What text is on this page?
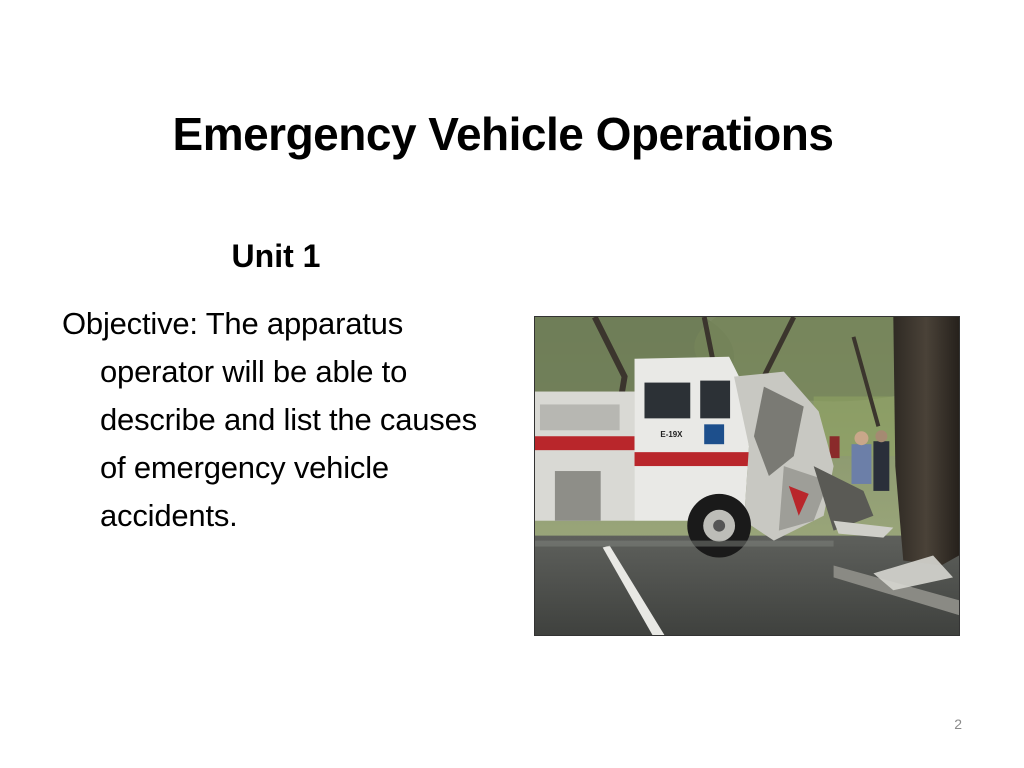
Emergency Vehicle Operations
Unit 1
Objective: The apparatus operator will be able to describe and list the causes of emergency vehicle accidents.
E-19X
2
